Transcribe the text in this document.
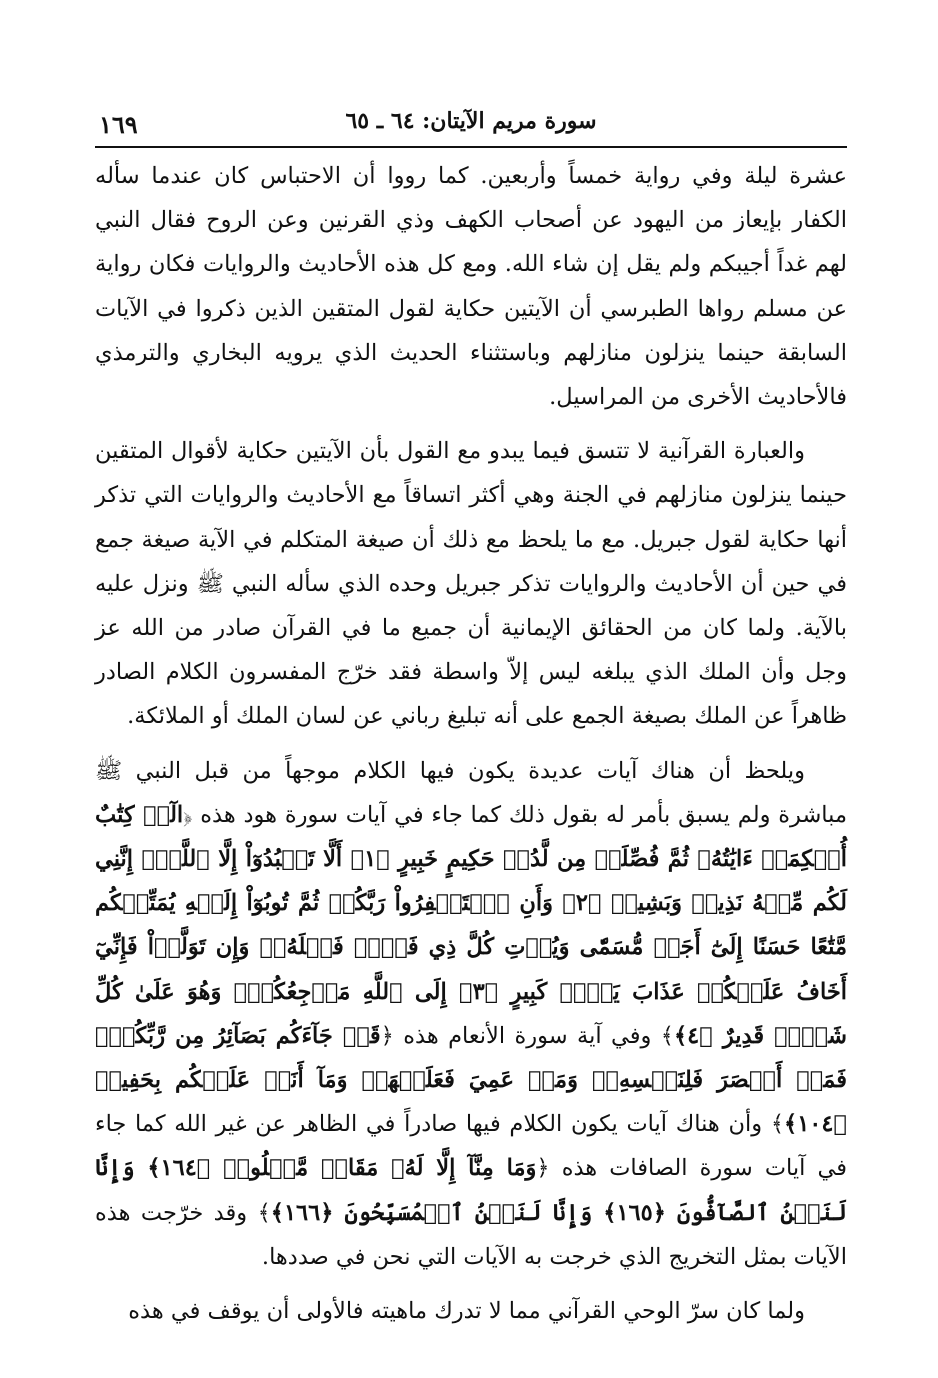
سورة مريم الآيتان: ٦٤ ـ ٦٥
١٦٩

عشرة ليلة وفي رواية خمساً وأربعين. كما رووا أن الاحتباس كان عندما سأله الكفار بإيعاز من اليهود عن أصحاب الكهف وذي القرنين وعن الروح فقال النبي لهم غداً أجيبكم ولم يقل إن شاء الله. ومع كل هذه الأحاديث والروايات فكان رواية عن مسلم رواها الطبرسي أن الآيتين حكاية لقول المتقين الذين ذكروا في الآيات السابقة حينما ينزلون منازلهم وباستثناء الحديث الذي يرويه البخاري والترمذي فالأحاديث الأخرى من المراسيل.

والعبارة القرآنية لا تتسق فيما يبدو مع القول بأن الآيتين حكاية لأقوال المتقين حينما ينزلون منازلهم في الجنة وهي أكثر اتساقاً مع الأحاديث والروايات التي تذكر أنها حكاية لقول جبريل. مع ما يلحظ مع ذلك أن صيغة المتكلم في الآية صيغة جمع في حين أن الأحاديث والروايات تذكر جبريل وحده الذي سأله النبي ﷺ ونزل عليه بالآية. ولما كان من الحقائق الإيمانية أن جميع ما في القرآن صادر من الله عز وجل وأن الملك الذي يبلغه ليس إلاّ واسطة فقد خرّج المفسرون الكلام الصادر ظاهراً عن الملك بصيغة الجمع على أنه تبليغ رباني عن لسان الملك أو الملائكة.

ويلحظ أن هناك آيات عديدة يكون فيها الكلام موجهاً من قبل النبي ﷺ مباشرة ولم يسبق بأمر له بقول ذلك كما جاء في آيات سورة هود هذه ﴿الٓرۚ كِتَٰبٌ أُحۡكِمَتۡ ءَايَٰتُهُۥ ثُمَّ فُصِّلَتۡ مِن لَّدُنۡ حَكِيمٍ خَبِيرٍ ﴿١﴾ أَلَّا تَعۡبُدُوٓاْ إِلَّا ٱللَّهَۚ إِنَّنِي لَكُم مِّنۡهُ نَذِيرٞ وَبَشِيرٞ ﴿٢﴾ وَأَنِ ٱسۡتَغۡفِرُواْ رَبَّكُمۡ ثُمَّ تُوبُوٓاْ إِلَيۡهِ يُمَتِّعۡكُم مَّتَٰعًا حَسَنًا إِلَىٰٓ أَجَلٖ مُّسَمّٗى وَيُؤۡتِ كُلَّ ذِي فَضۡلٖ فَضۡلَهُۥۖ وَإِن تَوَلَّوۡاْ فَإِنِّيٓ أَخَافُ عَلَيۡكُمۡ عَذَابَ يَوۡمٖ كَبِيرٍ ﴿٣﴾ إِلَى ٱللَّهِ مَرۡجِعُكُمۡۖ وَهُوَ عَلَىٰ كُلِّ شَيۡءٖ قَدِيرٌ ﴿٤﴾﴾ وفي آية سورة الأنعام هذه ﴿قَدۡ جَآءَكُم بَصَآئِرُ مِن رَّبِّكُمۡۖ فَمَنۡ أَبۡصَرَ فَلِنَفۡسِهِۦۖ وَمَنۡ عَمِيَ فَعَلَيۡهَاۚ وَمَآ أَنَا۠ عَلَيۡكُم بِحَفِيظٖ ﴿١٠٤﴾﴾ وأن هناك آيات يكون الكلام فيها صادراً في الظاهر عن غير الله كما جاء في آيات سورة الصافات هذه ﴿وَمَا مِنَّآ إِلَّا لَهُۥ مَقَامٞ مَّعۡلُومٞ ﴿١٦٤﴾ وَإِنَّا لَنَحۡنُ ٱلصَّآفُّونَ ﴿١٦٥﴾ وَإِنَّا لَنَحۡنُ ٱلۡمُسَبِّحُونَ ﴿١٦٦﴾﴾ وقد خرّجت هذه الآيات بمثل التخريج الذي خرجت به الآيات التي نحن في صددها.

ولما كان سرّ الوحي القرآني مما لا تدرك ماهيته فالأولى أن يوقف في هذه
